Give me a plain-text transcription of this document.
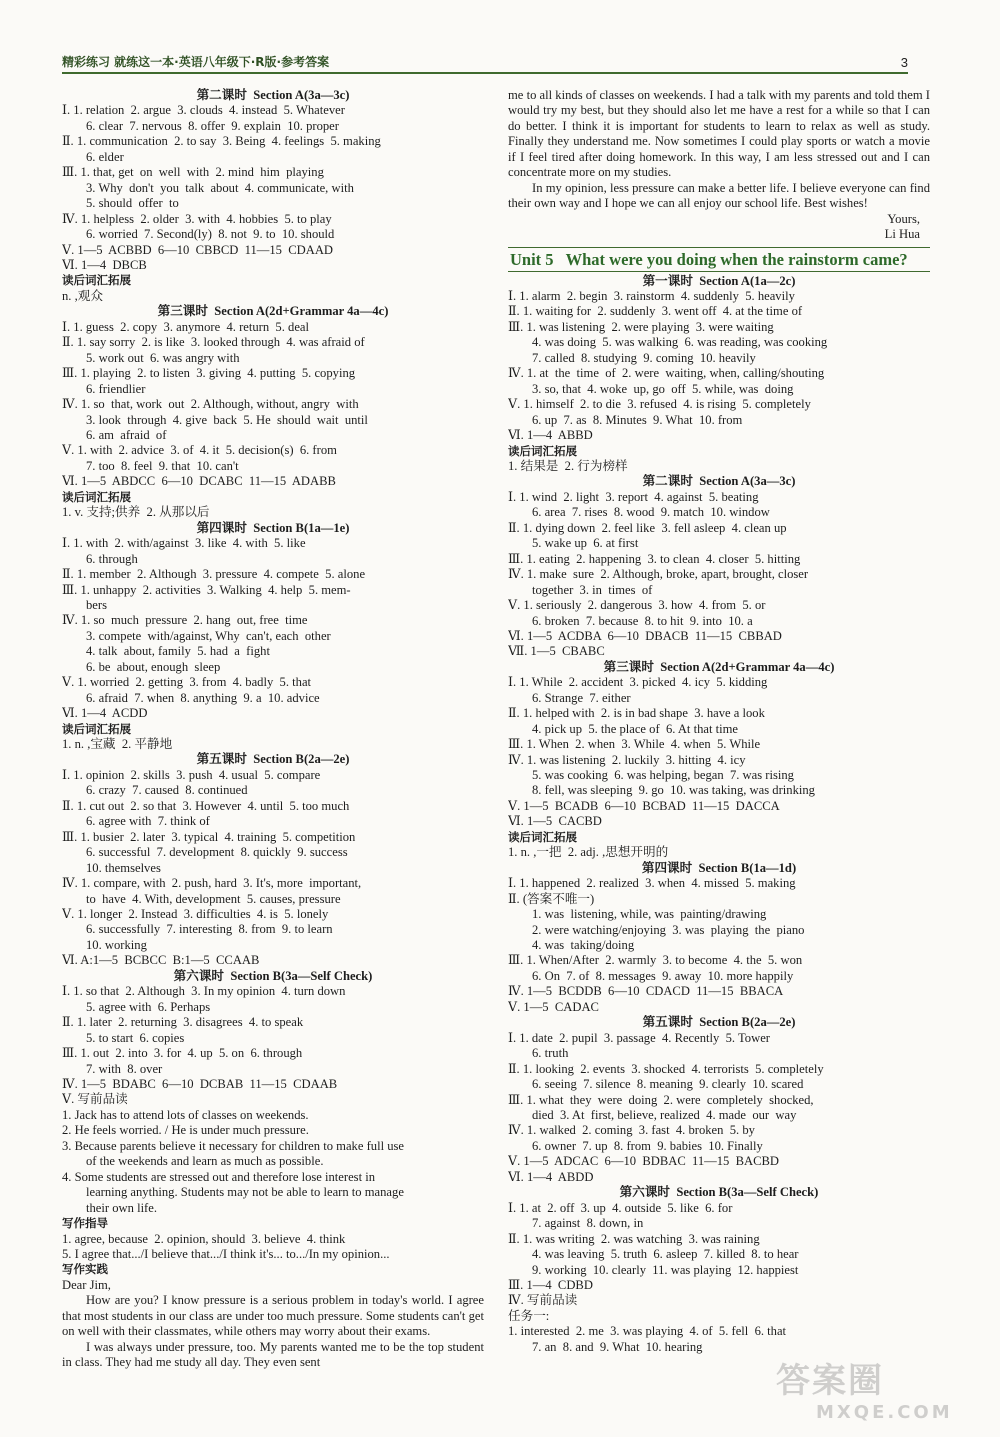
精彩练习 就练这一本·英语八年级下·R版·参考答案	3
第二课时  Section A(3a—3c)
Ⅰ. 1. relation  2. argue  3. clouds  4. instead  5. Whatever
6. clear  7. nervous  8. offer  9. explain  10. proper
Ⅱ. 1. communication  2. to say  3. Being  4. feelings  5. making
6. elder
Ⅲ. 1. that, get  on  well  with  2. mind  him  playing
3. Why  don't  you  talk  about  4. communicate, with
5. should  offer  to
Ⅳ. 1. helpless  2. older  3. with  4. hobbies  5. to play
6. worried  7. Second(ly)  8. not  9. to  10. should
Ⅴ. 1—5  ACBBD  6—10  CBBCD  11—15  CDAAD
Ⅵ. 1—4  DBCB
读后词汇拓展
n. ,观众
第三课时  Section A(2d+Grammar 4a—4c)
Ⅰ. 1. guess  2. copy  3. anymore  4. return  5. deal
Ⅱ. 1. say sorry  2. is like  3. looked through  4. was afraid of
5. work out  6. was angry with
Ⅲ. 1. playing  2. to listen  3. giving  4. putting  5. copying
6. friendlier
Ⅳ. 1. so  that, work  out  2. Although, without, angry  with
3. look  through  4. give  back  5. He  should  wait  until
6. am  afraid  of
Ⅴ. 1. with  2. advice  3. of  4. it  5. decision(s)  6. from
7. too  8. feel  9. that  10. can't
Ⅵ. 1—5  ABDCC  6—10  DCABC  11—15  ADABB
读后词汇拓展
1. v. 支持;供养  2. 从那以后
第四课时  Section B(1a—1e)
Ⅰ. 1. with  2. with/against  3. like  4. with  5. like
6. through
Ⅱ. 1. member  2. Although  3. pressure  4. compete  5. alone
Ⅲ. 1. unhappy  2. activities  3. Walking  4. help  5. mem-
bers
Ⅳ. 1. so  much  pressure  2. hang  out, free  time
3. compete  with/against, Why  can't, each  other
4. talk  about, family  5. had  a  fight
6. be  about, enough  sleep
Ⅴ. 1. worried  2. getting  3. from  4. badly  5. that
6. afraid  7. when  8. anything  9. a  10. advice
Ⅵ. 1—4  ACDD
读后词汇拓展
1. n. ,宝藏  2. 平静地
第五课时  Section B(2a—2e)
Ⅰ. 1. opinion  2. skills  3. push  4. usual  5. compare
6. crazy  7. caused  8. continued
Ⅱ. 1. cut out  2. so that  3. However  4. until  5. too much
6. agree with  7. think of
Ⅲ. 1. busier  2. later  3. typical  4. training  5. competition
6. successful  7. development  8. quickly  9. success
10. themselves
Ⅳ. 1. compare, with  2. push, hard  3. It's, more  important,
to  have  4. With, development  5. causes, pressure
Ⅴ. 1. longer  2. Instead  3. difficulties  4. is  5. lonely
6. successfully  7. interesting  8. from  9. to learn
10. working
Ⅵ. A:1—5  BCBCC  B:1—5  CCAAB
第六课时  Section B(3a—Self Check)
Ⅰ. 1. so that  2. Although  3. In my opinion  4. turn down
5. agree with  6. Perhaps
Ⅱ. 1. later  2. returning  3. disagrees  4. to speak
5. to start  6. copies
Ⅲ. 1. out  2. into  3. for  4. up  5. on  6. through
7. with  8. over
Ⅳ. 1—5  BDABC  6—10  DCBAB  11—15  CDAAB
Ⅴ. 写前品读
1. Jack has to attend lots of classes on weekends.
2. He feels worried. / He is under much pressure.
3. Because parents believe it necessary for children to make full use
of the weekends and learn as much as possible.
4. Some students are stressed out and therefore lose interest in
learning anything. Students may not be able to learn to manage
their own life.
写作指导
1. agree, because  2. opinion, should  3. believe  4. think
5. I agree that.../I believe that.../I think it's... to.../In my opinion...
写作实践
Dear Jim,
How are you? I know pressure is a serious problem in today's world. I agree that most students in our class are under too much pressure. Some students can't get on well with their classmates, while others may worry about their exams.
I was always under pressure, too. My parents wanted me to be the top student in class. They had me study all day. They even sent
me to all kinds of classes on weekends. I had a talk with my parents and told them I would try my best, but they should also let me have a rest for a while so that I can do better. I think it is important for students to learn to relax as well as study. Finally they understand me. Now sometimes I could play sports or watch a movie if I feel tired after doing homework. In this way, I am less stressed out and I can concentrate more on my studies.
In my opinion, less pressure can make a better life. I believe everyone can find their own way and I hope we can all enjoy our school life. Best wishes!
Yours,
Li Hua
Unit 5   What were you doing when the rainstorm came?
第一课时  Section A(1a—2c)
Ⅰ. 1. alarm  2. begin  3. rainstorm  4. suddenly  5. heavily
Ⅱ. 1. waiting for  2. suddenly  3. went off  4. at the time of
Ⅲ. 1. was listening  2. were playing  3. were waiting
4. was doing  5. was walking  6. was reading, was cooking
7. called  8. studying  9. coming  10. heavily
Ⅳ. 1. at  the  time  of  2. were  waiting, when, calling/shouting
3. so, that  4. woke  up, go  off  5. while, was  doing
Ⅴ. 1. himself  2. to die  3. refused  4. is rising  5. completely
6. up  7. as  8. Minutes  9. What  10. from
Ⅵ. 1—4  ABBD
读后词汇拓展
1. 结果是  2. 行为榜样
第二课时  Section A(3a—3c)
Ⅰ. 1. wind  2. light  3. report  4. against  5. beating
6. area  7. rises  8. wood  9. match  10. window
Ⅱ. 1. dying down  2. feel like  3. fell asleep  4. clean up
5. wake up  6. at first
Ⅲ. 1. eating  2. happening  3. to clean  4. closer  5. hitting
Ⅳ. 1. make  sure  2. Although, broke, apart, brought, closer
together  3. in  times  of
Ⅴ. 1. seriously  2. dangerous  3. how  4. from  5. or
6. broken  7. because  8. to hit  9. into  10. a
Ⅵ. 1—5  ACDBA  6—10  DBACB  11—15  CBBAD
Ⅶ. 1—5  CBABC
第三课时  Section A(2d+Grammar 4a—4c)
Ⅰ. 1. While  2. accident  3. picked  4. icy  5. kidding
6. Strange  7. either
Ⅱ. 1. helped with  2. is in bad shape  3. have a look
4. pick up  5. the place of  6. At that time
Ⅲ. 1. When  2. when  3. While  4. when  5. While
Ⅳ. 1. was listening  2. luckily  3. hitting  4. icy
5. was cooking  6. was helping, began  7. was rising
8. fell, was sleeping  9. go  10. was taking, was drinking
Ⅴ. 1—5  BCADB  6—10  BCBAD  11—15  DACCA
Ⅵ. 1—5  CACBD
读后词汇拓展
1. n. ,一把  2. adj. ,思想开明的
第四课时  Section B(1a—1d)
Ⅰ. 1. happened  2. realized  3. when  4. missed  5. making
Ⅱ. (答案不唯一)
1. was  listening, while, was  painting/drawing
2. were watching/enjoying  3. was  playing  the  piano
4. was  taking/doing
Ⅲ. 1. When/After  2. warmly  3. to become  4. the  5. won
6. On  7. of  8. messages  9. away  10. more happily
Ⅳ. 1—5  BCDDB  6—10  CDACD  11—15  BBACA
Ⅴ. 1—5  CADAC
第五课时  Section B(2a—2e)
Ⅰ. 1. date  2. pupil  3. passage  4. Recently  5. Tower
6. truth
Ⅱ. 1. looking  2. events  3. shocked  4. terrorists  5. completely
6. seeing  7. silence  8. meaning  9. clearly  10. scared
Ⅲ. 1. what  they  were  doing  2. were  completely  shocked,
died  3. At  first, believe, realized  4. made  our  way
Ⅳ. 1. walked  2. coming  3. fast  4. broken  5. by
6. owner  7. up  8. from  9. babies  10. Finally
Ⅴ. 1—5  ADCAC  6—10  BDBAC  11—15  BACBD
Ⅵ. 1—4  ABDD
第六课时  Section B(3a—Self Check)
Ⅰ. 1. at  2. off  3. up  4. outside  5. like  6. for
7. against  8. down, in
Ⅱ. 1. was writing  2. was watching  3. was raining
4. was leaving  5. truth  6. asleep  7. killed  8. to hear
9. working  10. clearly  11. was playing  12. happiest
Ⅲ. 1—4  CDBD
Ⅳ. 写前品读
任务一:
1. interested  2. me  3. was playing  4. of  5. fell  6. that
7. an  8. and  9. What  10. hearing
答案圈
MXQE.COM
